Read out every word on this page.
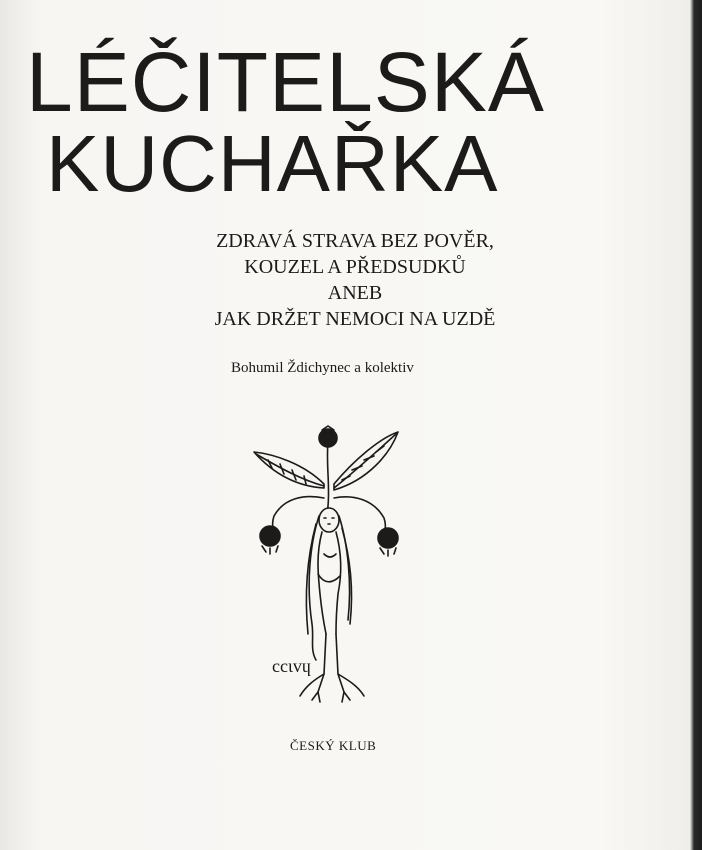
LÉČITELSKÁ
KUCHAŘKA
ZDRAVÁ STRAVA BEZ POVĚR,
KOUZEL A PŘEDSUDKŮ
ANEB
JAK DRŽET NEMOCI NA UZDĚ
Bohumil Ždichynec a kolektiv
ccɩvɥ
ČESKÝ KLUB
